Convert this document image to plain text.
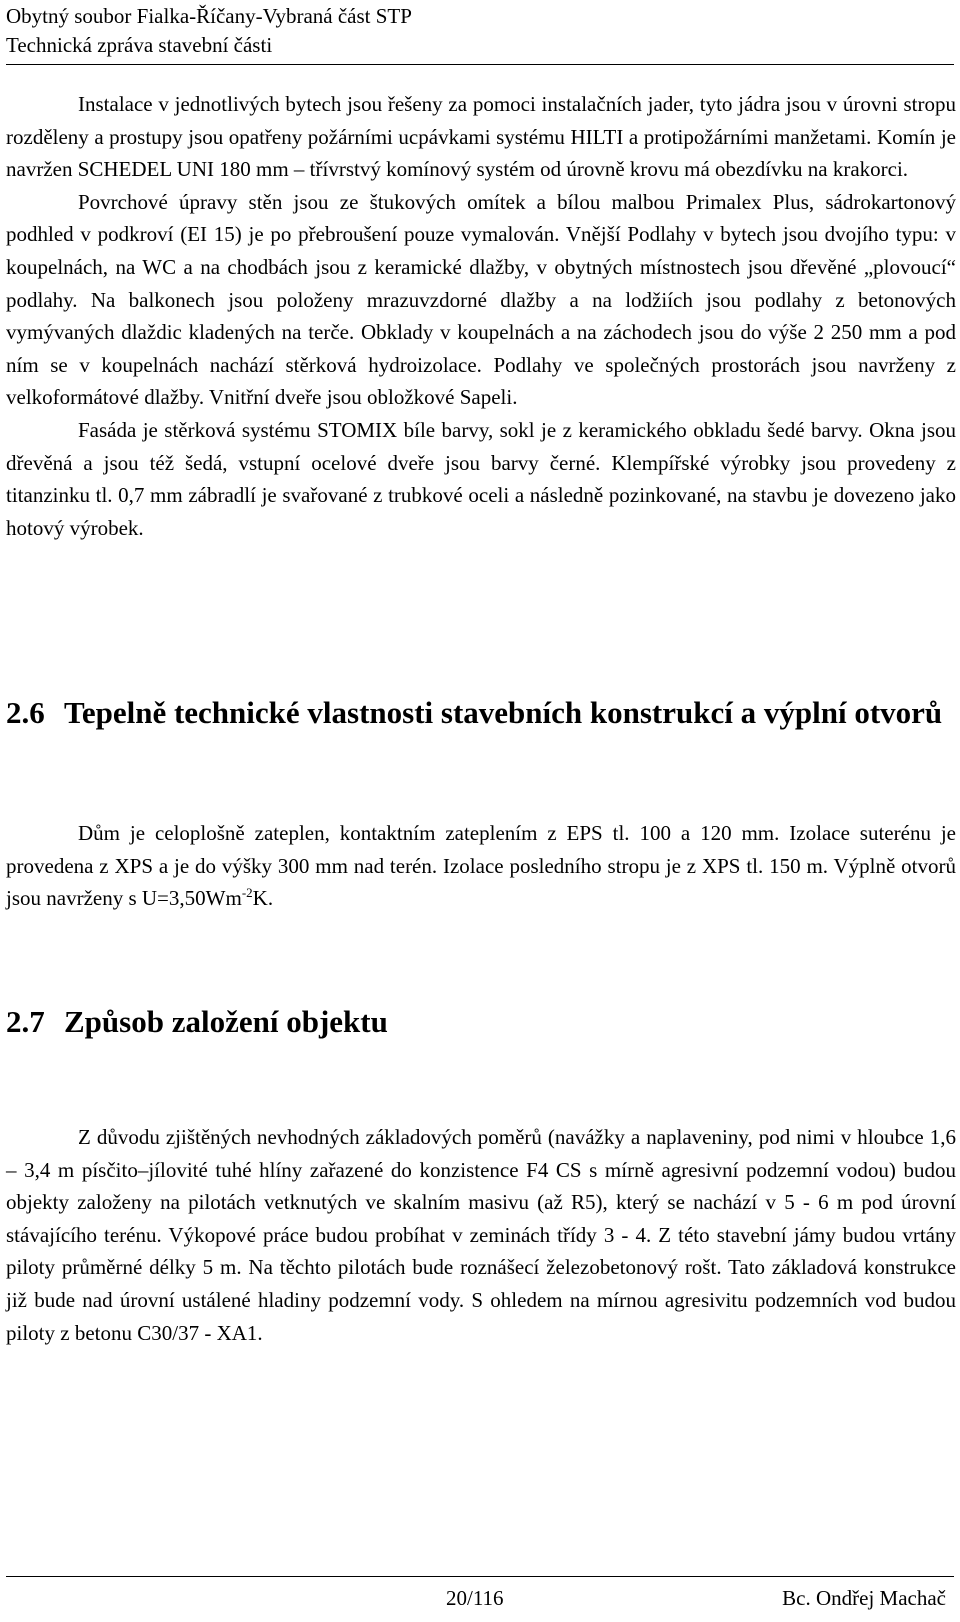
Obytný soubor Fialka-Říčany-Vybraná část STP
Technická zpráva stavební části

Instalace v jednotlivých bytech jsou řešeny za pomoci instalačních jader, tyto jádra jsou v úrovni stropu rozděleny a prostupy jsou opatřeny požárními ucpávkami systému HILTI a protipožárními manžetami. Komín je navržen SCHEDEL UNI 180 mm – třívrstvý komínový systém od úrovně krovu má obezdívku na krakorci.

Povrchové úpravy stěn jsou ze štukových omítek a bílou malbou Primalex Plus, sádrokartonový podhled v podkroví (EI 15) je po přebroušení pouze vymalován. Vnější Podlahy v bytech jsou dvojího typu: v koupelnách, na WC a na chodbách jsou z keramické dlažby, v obytných místnostech jsou dřevěné „plovoucí“ podlahy. Na balkonech jsou položeny mrazuvzdorné dlažby a na lodžiích jsou podlahy z betonových vymývaných dlaždic kladených na terče. Obklady v koupelnách a na záchodech jsou do výše 2 250 mm a pod ním se v koupelnách nachází stěrková hydroizolace. Podlahy ve společných prostorách jsou navrženy z velkoformátové dlažby. Vnitřní dveře jsou obložkové Sapeli.

Fasáda je stěrková systému STOMIX bíle barvy, sokl je z keramického obkladu šedé barvy. Okna jsou dřevěná a jsou též šedá, vstupní ocelové dveře jsou barvy černé. Klempířské výrobky jsou provedeny z titanzinku tl. 0,7 mm zábradlí je svařované z trubkové oceli a následně pozinkované, na stavbu je dovezeno jako hotový výrobek.

2.6 Tepelně technické vlastnosti stavebních konstrukcí a výplní otvorů

Dům je celoplošně zateplen, kontaktním zateplením z EPS tl. 100 a 120 mm. Izolace suterénu je provedena z XPS a je do výšky 300 mm nad terén. Izolace posledního stropu je z XPS tl. 150 m. Výplně otvorů jsou navrženy s $U=3,50Wm^{-2}K$.

2.7 Způsob založení objektu

Z důvodu zjištěných nevhodných základových poměrů (navážky a naplaveniny, pod nimi v hloubce 1,6 – 3,4 m písčito–jílovité tuhé hlíny zařazené do konzistence F4 CS s mírně agresivní podzemní vodou) budou objekty založeny na pilotách vetknutých ve skalním masivu (až R5), který se nachází v 5 - 6 m pod úrovní stávajícího terénu. Výkopové práce budou probíhat v zeminách třídy 3 - 4. Z této stavební jámy budou vrtány piloty průměrné délky 5 m. Na těchto pilotách bude roznášecí železobetonový rošt. Tato základová konstrukce již bude nad úrovní ustálené hladiny podzemní vody. S ohledem na mírnou agresivitu podzemních vod budou piloty z betonu C30/37 - XA1.

20/116	Bc. Ondřej Machač
